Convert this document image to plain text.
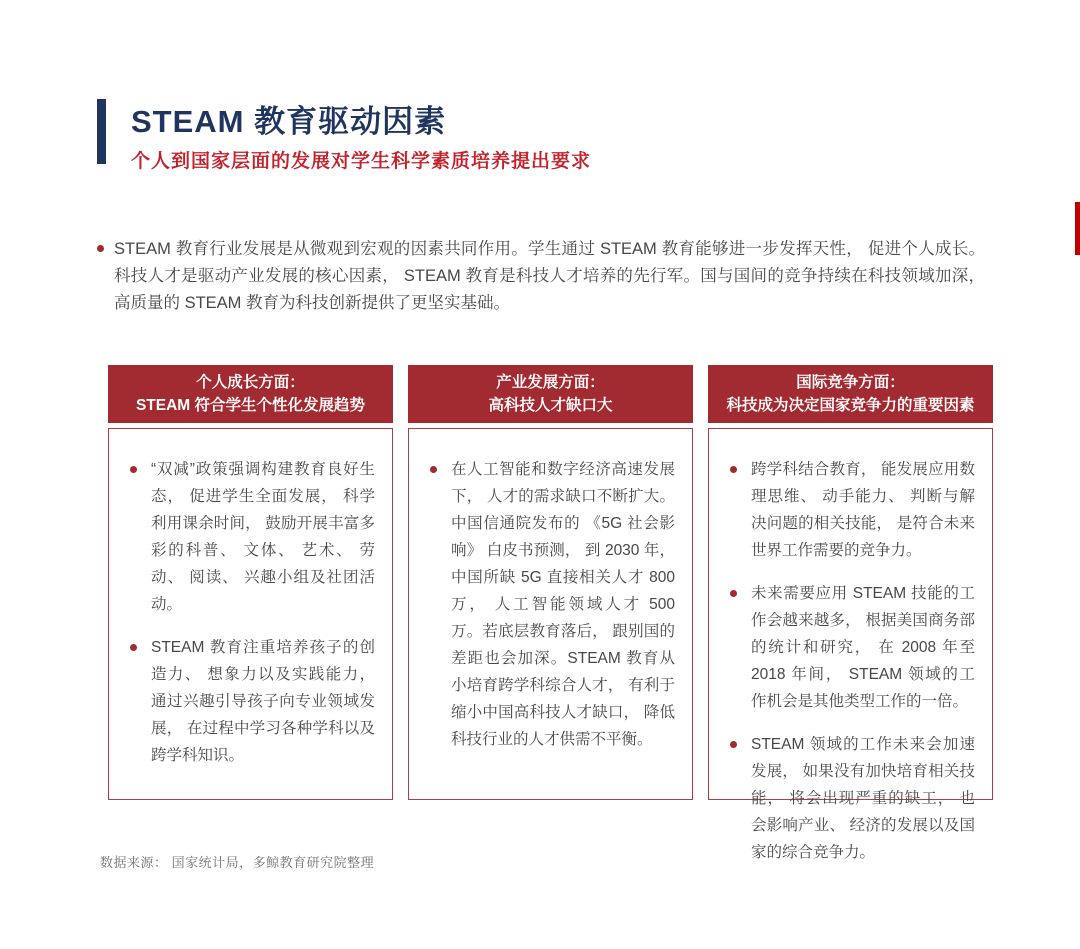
STEAM 教育驱动因素
个人到国家层面的发展对学生科学素质培养提出要求
STEAM 教育行业发展是从微观到宏观的因素共同作用。学生通过 STEAM 教育能够进一步发挥天性， 促进个人成长。科技人才是驱动产业发展的核心因素， STEAM 教育是科技人才培养的先行军。国与国间的竞争持续在科技领域加深， 高质量的 STEAM 教育为科技创新提供了更坚实基础。
个人成长方面：
STEAM 符合学生个性化发展趋势
“双减”政策强调构建教育良好生态， 促进学生全面发展， 科学利用课余时间， 鼓励开展丰富多彩的科普、 文体、 艺术、 劳动、 阅读、 兴趣小组及社团活动。
STEAM 教育注重培养孩子的创造力、 想象力以及实践能力， 通过兴趣引导孩子向专业领域发展， 在过程中学习各种学科以及跨学科知识。
产业发展方面：
高科技人才缺口大
在人工智能和数字经济高速发展下， 人才的需求缺口不断扩大。中国信通院发布的 《5G 社会影响》 白皮书预测， 到 2030 年， 中国所缺 5G 直接相关人才 800 万， 人工智能领域人才 500 万。若底层教育落后， 跟别国的差距也会加深。STEAM 教育从小培育跨学科综合人才， 有利于缩小中国高科技人才缺口， 降低科技行业的人才供需不平衡。
国际竞争方面：
科技成为决定国家竞争力的重要因素
跨学科结合教育， 能发展应用数理思维、 动手能力、 判断与解决问题的相关技能， 是符合未来世界工作需要的竞争力。
未来需要应用 STEAM 技能的工作会越来越多， 根据美国商务部的统计和研究， 在 2008 年至 2018 年间， STEAM 领域的工作机会是其他类型工作的一倍。
STEAM 领域的工作未来会加速发展， 如果没有加快培育相关技能， 将会出现严重的缺工， 也会影响产业、 经济的发展以及国家的综合竞争力。
数据来源： 国家统计局，多鲸教育研究院整理
